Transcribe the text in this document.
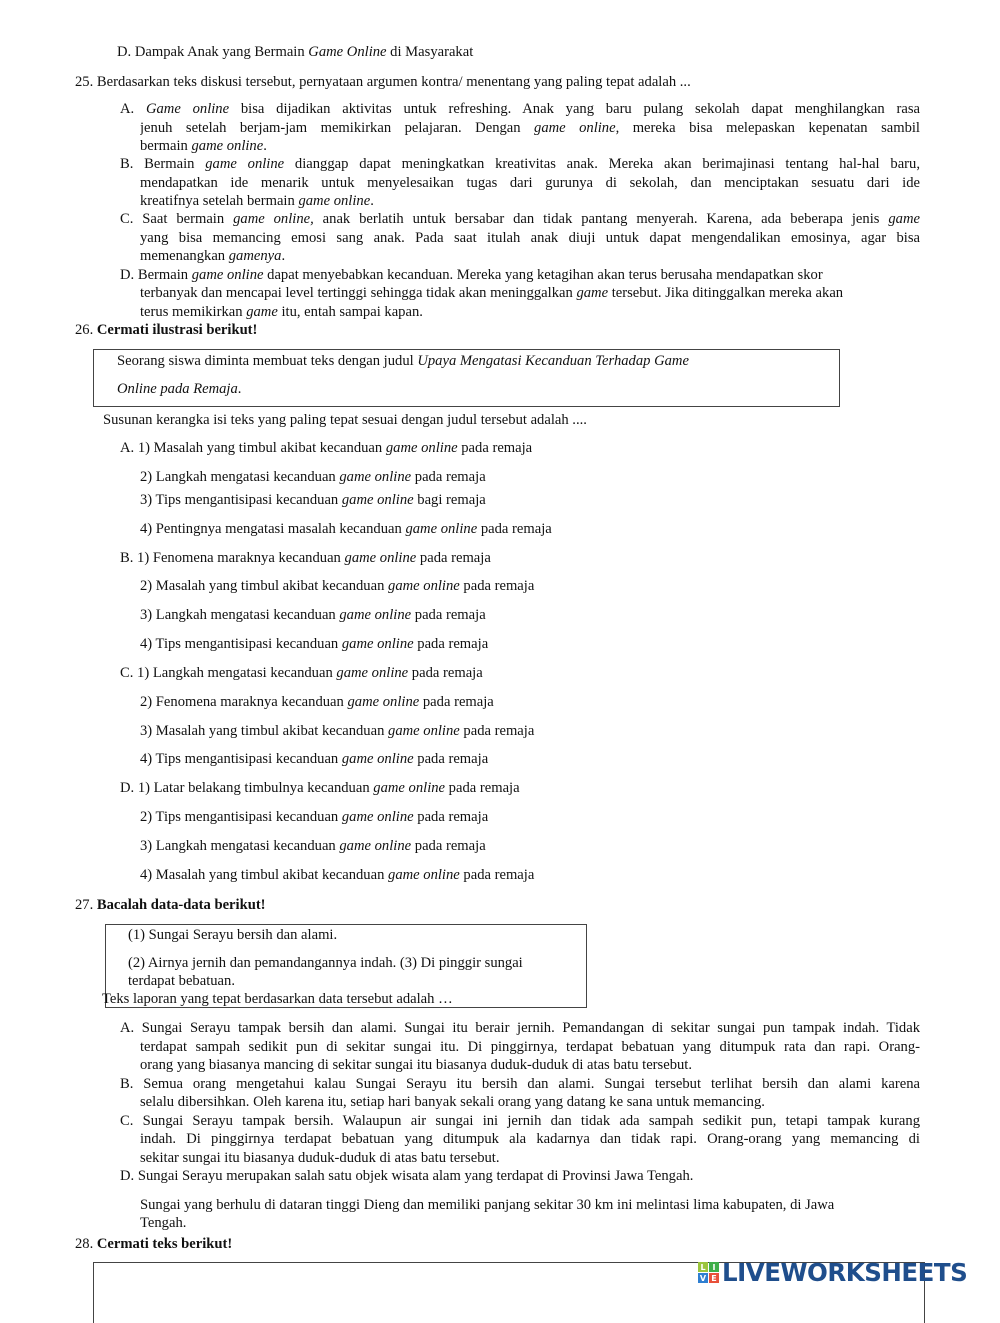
D. Dampak Anak yang Bermain Game Online di Masyarakat
25. Berdasarkan teks diskusi tersebut, pernyataan argumen kontra/ menentang yang paling tepat adalah ...
A. Game online bisa dijadikan aktivitas untuk refreshing. Anak yang baru pulang sekolah dapat menghilangkan rasa
jenuh setelah berjam-jam memikirkan pelajaran. Dengan game online, mereka bisa melepaskan kepenatan sambil
bermain game online.
B. Bermain game online dianggap dapat meningkatkan kreativitas anak. Mereka akan berimajinasi tentang hal-hal baru,
mendapatkan ide menarik untuk menyelesaikan tugas dari gurunya di sekolah, dan menciptakan sesuatu dari ide
kreatifnya setelah bermain game online.
C. Saat bermain game online, anak berlatih untuk bersabar dan tidak pantang menyerah. Karena, ada beberapa jenis game
yang bisa memancing emosi sang anak. Pada saat itulah anak diuji untuk dapat mengendalikan emosinya, agar bisa
memenangkan gamenya.
D. Bermain game online dapat menyebabkan kecanduan. Mereka yang ketagihan akan terus berusaha mendapatkan skor
terbanyak dan mencapai level tertinggi sehingga tidak akan meninggalkan game tersebut. Jika ditinggalkan mereka akan
terus memikirkan game itu, entah sampai kapan.
26. Cermati ilustrasi berikut!
Seorang siswa diminta membuat teks dengan judul Upaya Mengatasi Kecanduan Terhadap Game
Online pada Remaja.
Susunan kerangka isi teks yang paling tepat sesuai dengan judul tersebut adalah ....
A. 1) Masalah yang timbul akibat kecanduan game online pada remaja
2) Langkah mengatasi kecanduan game online pada remaja
3) Tips mengantisipasi kecanduan game online bagi remaja
4) Pentingnya mengatasi masalah kecanduan game online pada remaja
B. 1) Fenomena maraknya kecanduan game online pada remaja
2) Masalah yang timbul akibat kecanduan game online pada remaja
3) Langkah mengatasi kecanduan game online pada remaja
4) Tips mengantisipasi kecanduan game online pada remaja
C. 1) Langkah mengatasi kecanduan game online pada remaja
2) Fenomena maraknya kecanduan game online pada remaja
3) Masalah yang timbul akibat kecanduan game online pada remaja
4) Tips mengantisipasi kecanduan game online pada remaja
D. 1) Latar belakang timbulnya kecanduan game online pada remaja
2) Tips mengantisipasi kecanduan game online pada remaja
3) Langkah mengatasi kecanduan game online pada remaja
4) Masalah yang timbul akibat kecanduan game online pada remaja
27. Bacalah data-data berikut!
(1) Sungai Serayu bersih dan alami.
(2) Airnya jernih dan pemandangannya indah. (3) Di pinggir sungai
terdapat bebatuan.
Teks laporan yang tepat berdasarkan data tersebut adalah …
A. Sungai Serayu tampak bersih dan alami. Sungai itu berair jernih. Pemandangan di sekitar sungai pun tampak indah. Tidak
terdapat sampah sedikit pun di sekitar sungai itu. Di pinggirnya, terdapat bebatuan yang ditumpuk rata dan rapi. Orang-
orang yang biasanya mancing di sekitar sungai itu biasanya duduk-duduk di atas batu tersebut.
B. Semua orang mengetahui kalau Sungai Serayu itu bersih dan alami. Sungai tersebut terlihat bersih dan alami karena
selalu dibersihkan. Oleh karena itu, setiap hari banyak sekali orang yang datang ke sana untuk memancing.
C. Sungai Serayu tampak bersih. Walaupun air sungai ini jernih dan tidak ada sampah sedikit pun, tetapi tampak kurang
indah. Di pinggirnya terdapat bebatuan yang ditumpuk ala kadarnya dan tidak rapi. Orang-orang yang memancing di
sekitar sungai itu biasanya duduk-duduk di atas batu tersebut.
D. Sungai Serayu merupakan salah satu objek wisata alam yang terdapat di Provinsi Jawa Tengah.
Sungai yang berhulu di dataran tinggi Dieng dan memiliki panjang sekitar 30 km ini melintasi lima kabupaten, di Jawa
Tengah.
28. Cermati teks berikut!
L I
V E LIVEWORKSHEETS
